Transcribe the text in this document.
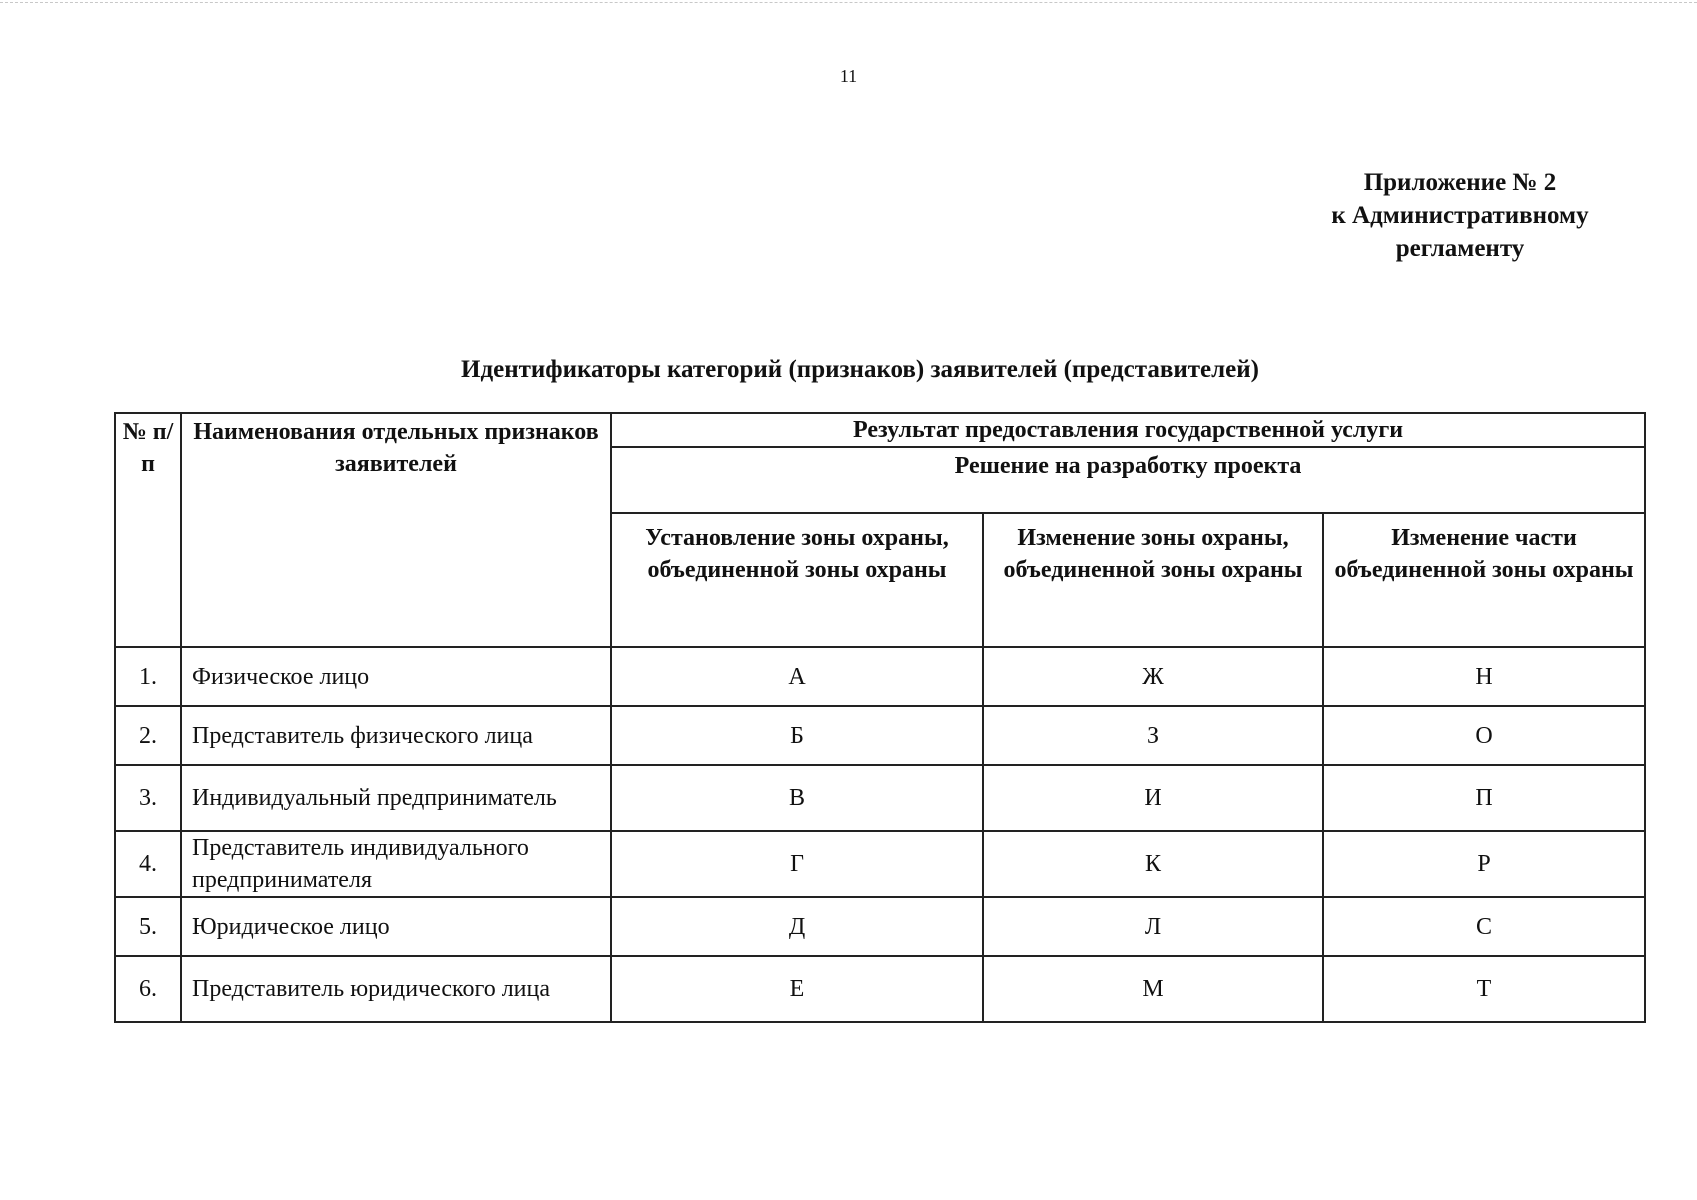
11
Приложение № 2
к Административному
регламенту
Идентификаторы категорий (признаков) заявителей (представителей)
№ п/п	Наименования отдельных признаков заявителей	Результат предоставления государственной услуги		
		Решение на разработку проекта		
		Установление зоны охраны, объединенной зоны охраны	Изменение зоны охраны, объединенной зоны охраны	Изменение части объединенной зоны охраны
1.	Физическое лицо	А	Ж	Н
2.	Представитель физического лица	Б	З	О
3.	Индивидуальный предприниматель	В	И	П
4.	Представитель индивидуального предпринимателя	Г	К	Р
5.	Юридическое лицо	Д	Л	С
6.	Представитель юридического лица	Е	М	Т
